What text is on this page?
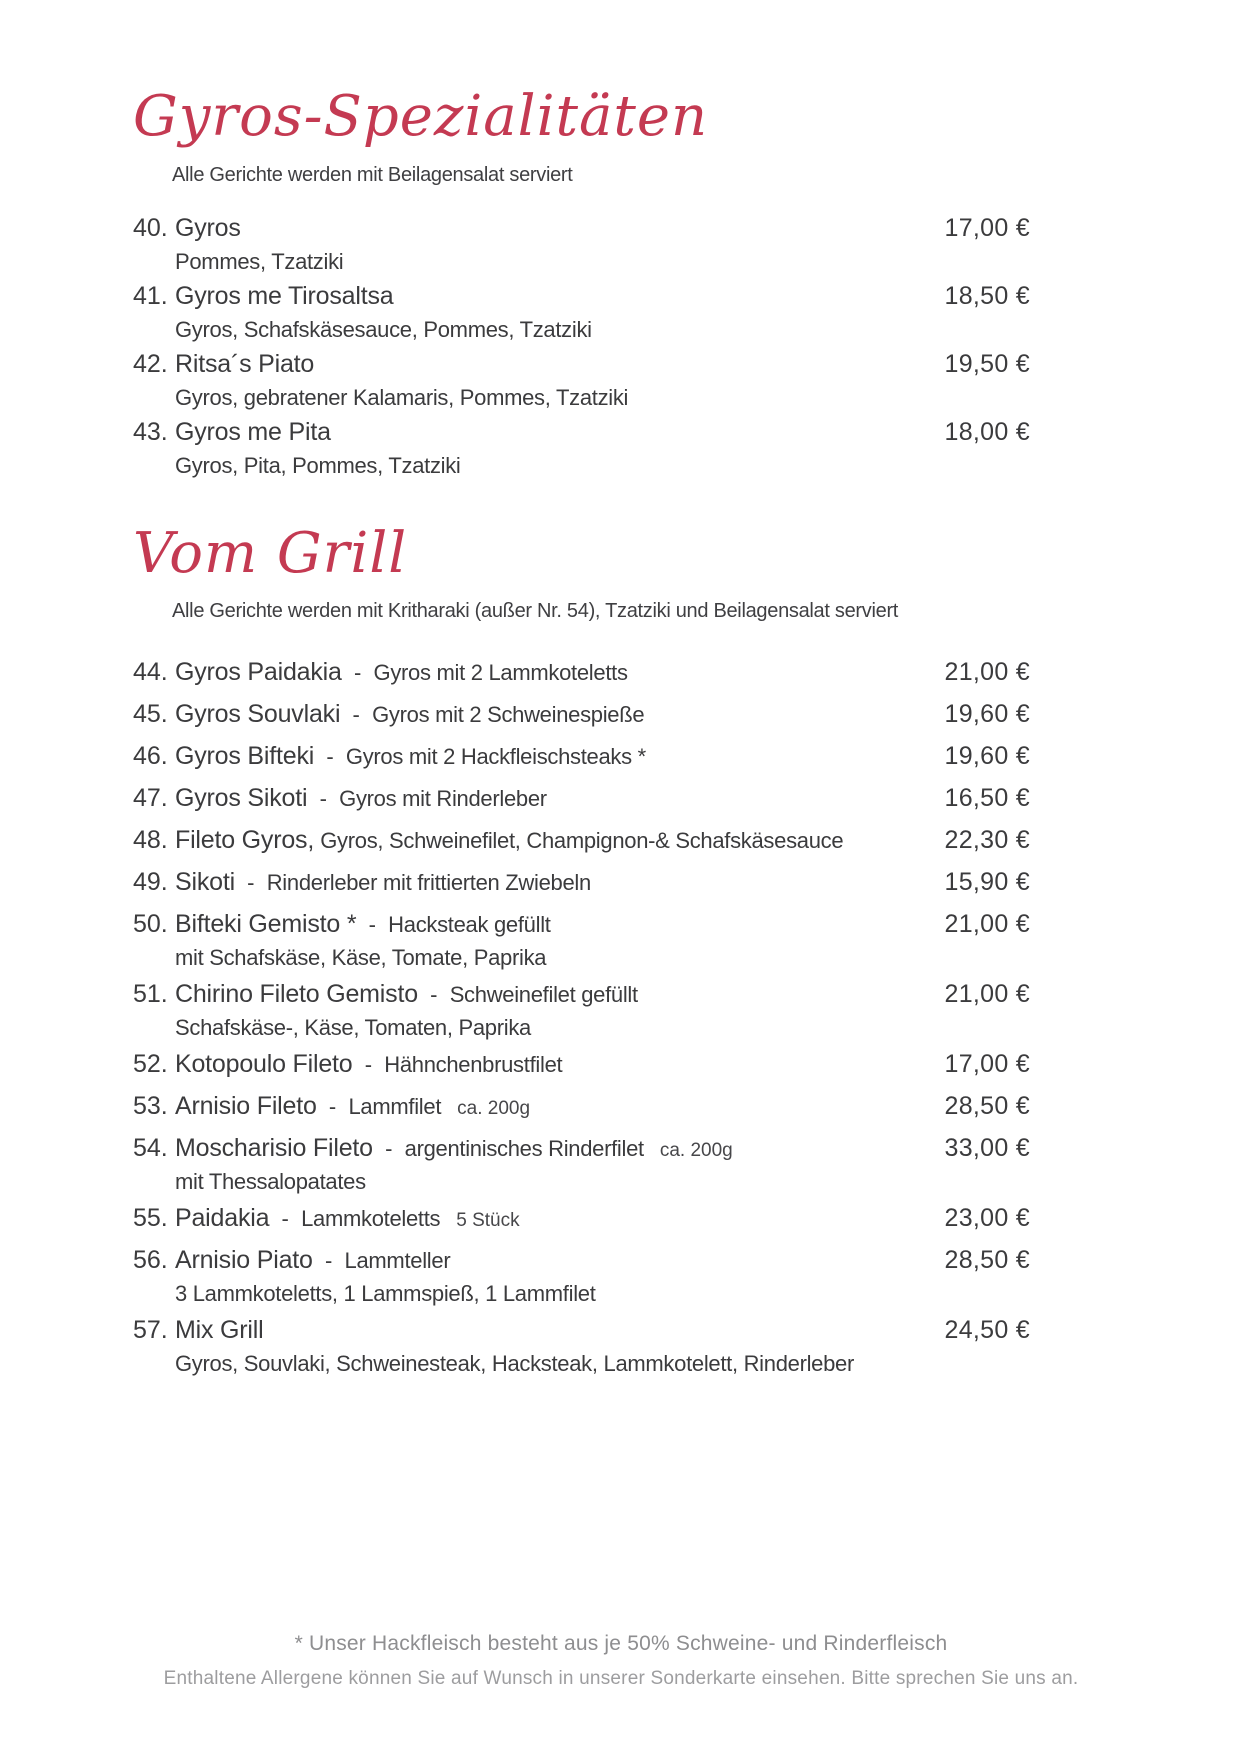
Gyros-Spezialitäten
Alle Gerichte werden mit Beilagensalat serviert
40. Gyros	17,00 €
Pommes, Tzatziki
41. Gyros me Tirosaltsa	18,50 €
Gyros, Schafskäsesauce, Pommes, Tzatziki
42. Ritsa´s Piato	19,50 €
Gyros, gebratener Kalamaris, Pommes, Tzatziki
43. Gyros me Pita	18,00 €
Gyros, Pita, Pommes, Tzatziki
Vom Grill
Alle Gerichte werden mit Kritharaki (außer Nr. 54), Tzatziki und Beilagensalat serviert
44. Gyros Paidakia  -  Gyros mit 2 Lammkoteletts	21,00 €
45. Gyros Souvlaki  -  Gyros mit 2 Schweinespieße	19,60 €
46. Gyros Bifteki  -  Gyros mit 2 Hackfleischsteaks *	19,60 €
47. Gyros Sikoti  -  Gyros mit Rinderleber	16,50 €
48. Fileto Gyros, Gyros, Schweinefilet, Champignon-& Schafskäsesauce	22,30 €
49. Sikoti  -  Rinderleber mit frittierten Zwiebeln	15,90 €
50. Bifteki Gemisto *  -  Hacksteak gefüllt	21,00 €
mit Schafskäse, Käse, Tomate, Paprika
51. Chirino Fileto Gemisto  -  Schweinefilet gefüllt	21,00 €
Schafskäse-, Käse, Tomaten, Paprika
52. Kotopoulo Fileto  -  Hähnchenbrustfilet	17,00 €
53. Arnisio Fileto  -  Lammfilet ca. 200g	28,50 €
54. Moscharisio Fileto  -  argentinisches Rinderfilet ca. 200g	33,00 €
mit Thessalopatates
55. Paidakia  -  Lammkoteletts 5 Stück	23,00 €
56. Arnisio Piato  -  Lammteller	28,50 €
3 Lammkoteletts, 1 Lammspieß, 1 Lammfilet
57. Mix Grill	24,50 €
Gyros, Souvlaki, Schweinesteak, Hacksteak, Lammkotelett, Rinderleber
* Unser Hackfleisch besteht aus je 50% Schweine- und Rinderfleisch
Enthaltene Allergene können Sie auf Wunsch in unserer Sonderkarte einsehen. Bitte sprechen Sie uns an.
